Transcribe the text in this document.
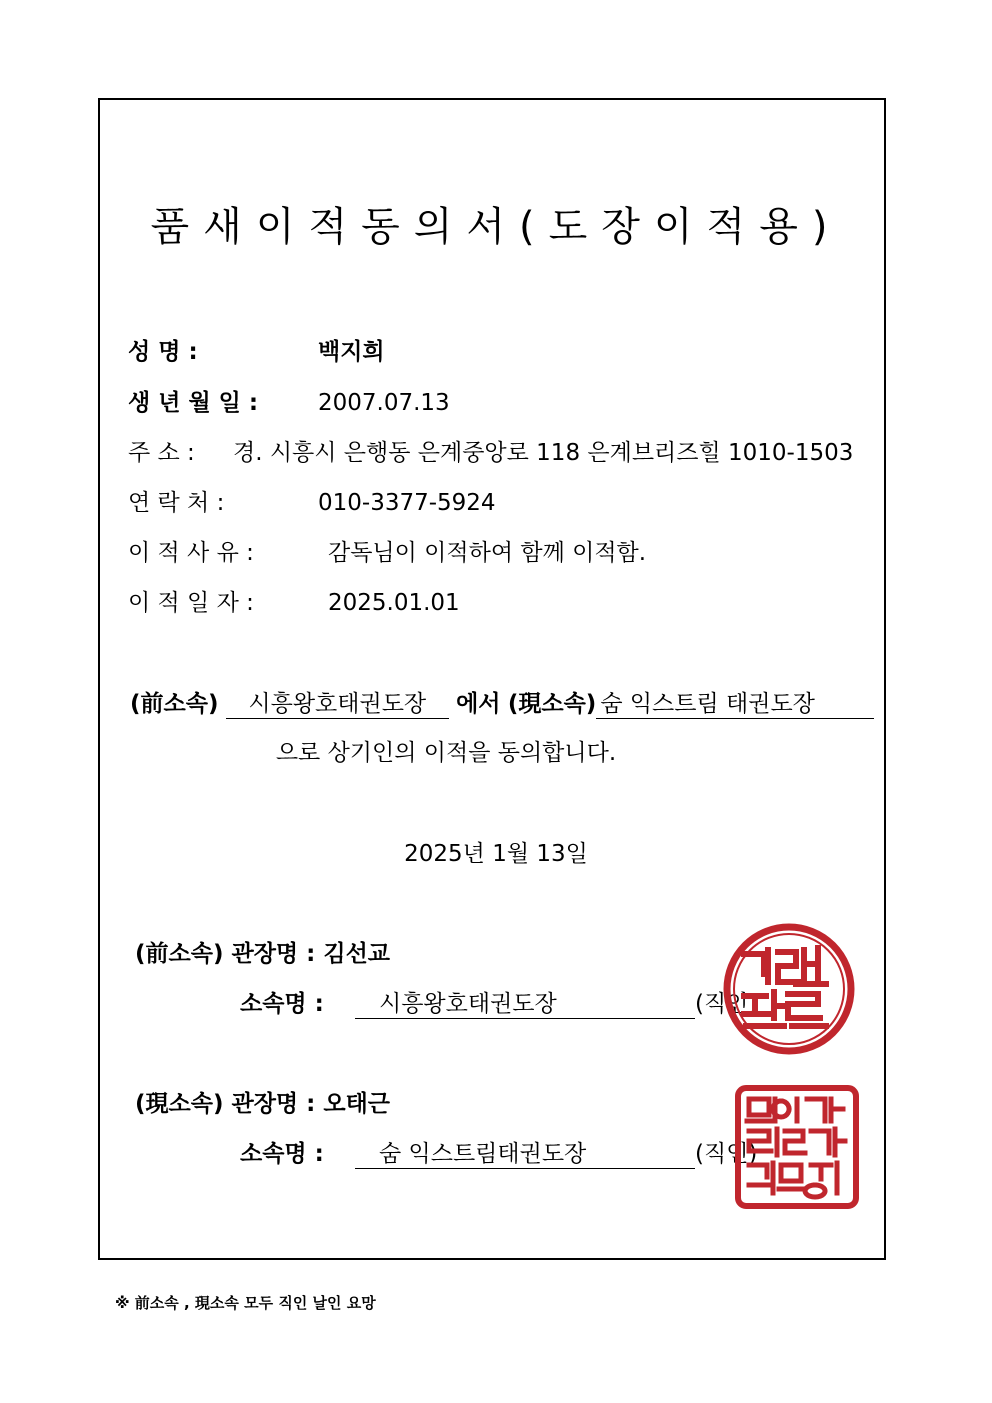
품새이적동의서(도장이적용)
성 명 :	백지희
생 년 월 일 :	2007.07.13
주 소 : 경. 시흥시 은행동 은계중앙로 118 은계브리즈힐 1010-1503
연 락 처 :	010-3377-5924
이 적 사 유 :	감독님이 이적하여 함께 이적함.
이 적 일 자 :	2025.01.01
(前소속) 시흥왕호태권도장 에서 (現소속) 숨 익스트림 태권도장
으로 상기인의 이적을 동의합니다.
2025년 1월 13일
(前소속) 관장명 : 김선교
소속명 : 시흥왕호태권도장	(직인)
(現소속) 관장명 : 오태근
소속명 : 숨 익스트림태권도장	(직인)
※ 前소속 , 現소속 모두 직인 날인 요망
